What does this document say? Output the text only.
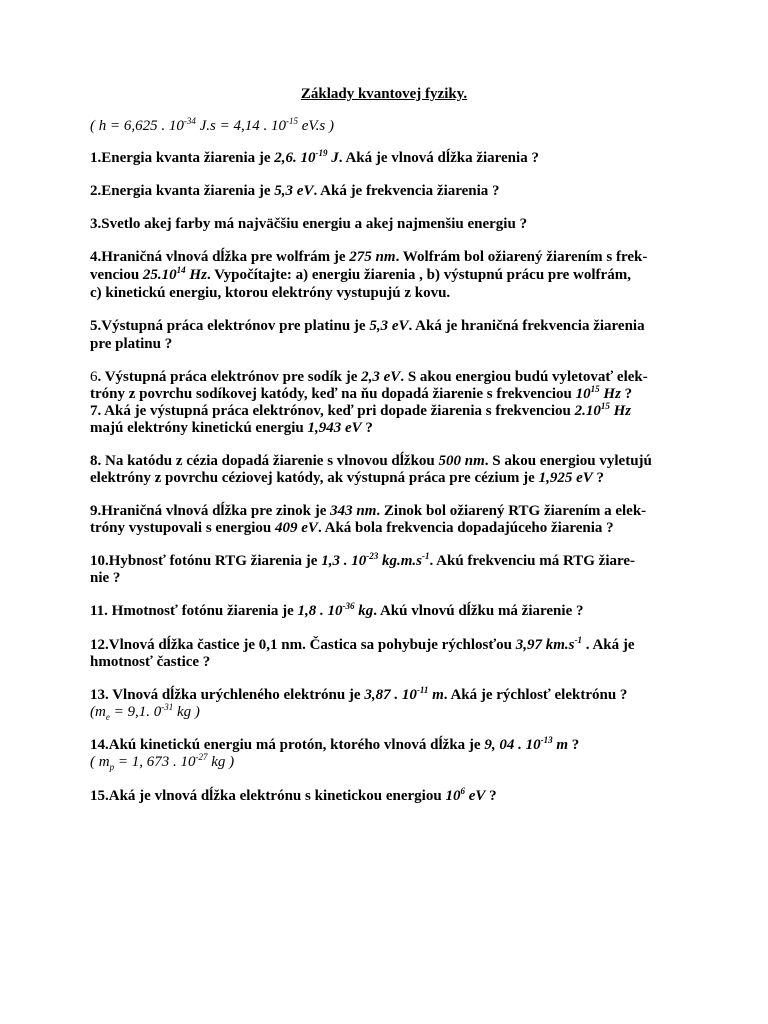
Základy kvantovej fyziky.
( h = 6,625 . $10^{-34}$ J.s = 4,14 . $10^{-15}$ eV.s )
1.Energia kvanta žiarenia je 2,6. $10^{-19}$ J. Aká je vlnová dĺžka žiarenia ?
2.Energia kvanta žiarenia je 5,3 eV. Aká je frekvencia žiarenia ?
3.Svetlo akej farby má najväčšiu energiu a akej najmenšiu energiu ?
4.Hraničná vlnová dĺžka pre wolfrám je 275 nm. Wolfrám bol ožiarený žiarením s frek-
venciou 25.10$^{14}$ Hz. Vypočítajte: a) energiu žiarenia , b) výstupnú prácu pre wolfrám,
c) kinetickú energiu, ktorou elektróny vystupujú z kovu.
5.Výstupná práca elektrónov pre platinu je 5,3 eV. Aká je hraničná frekvencia žiarenia
pre platinu ?
6. Výstupná práca elektrónov pre sodík je 2,3 eV. S akou energiou budú vyletovať elek-
tróny z povrchu sodíkovej katódy, keď na ňu dopadá žiarenie s frekvenciou $10^{15}$ Hz ?
7. Aká je výstupná práca elektrónov, keď pri dopade žiarenia s frekvenciou 2.10$^{15}$ Hz
majú elektróny kinetickú energiu 1,943 eV ?
8. Na katódu z cézia dopadá žiarenie s vlnovou dĺžkou 500 nm. S akou energiou vyletujú
elektróny z povrchu céziovej katódy, ak výstupná práca pre cézium je 1,925 eV ?
9.Hraničná vlnová dĺžka pre zinok je 343 nm. Zinok bol ožiarený RTG žiarením a elek-
tróny vystupovali s energiou 409 eV. Aká bola frekvencia dopadajúceho žiarenia ?
10.Hybnosť fotónu RTG žiarenia je 1,3 . $10^{-23}$ $kg.m.s^{-1}$. Akú frekvenciu má RTG žiare-
nie ?
11. Hmotnosť fotónu žiarenia je 1,8 . $10^{-36}$ kg. Akú vlnovú dĺžku má žiarenie ?
12.Vlnová dĺžka častice je 0,1 nm. Častica sa pohybuje rýchlosťou 3,97 $km.s^{-1}$ . Aká je
hmotnosť častice ?
13. Vlnová dĺžka urýchleného elektrónu je 3,87 . $10^{-11}$ m. Aká je rýchlosť elektrónu ?
($m_e = 9,1$. $0^{-31}$ kg )
14.Akú kinetickú energiu má protón, ktorého vlnová dĺžka je 9, 04 . $10^{-13}$ m ?
( $m_p = 1$, 673 . $10^{-27}$ kg )
15.Aká je vlnová dĺžka elektrónu s kinetickou energiou $10^6$ eV ?
